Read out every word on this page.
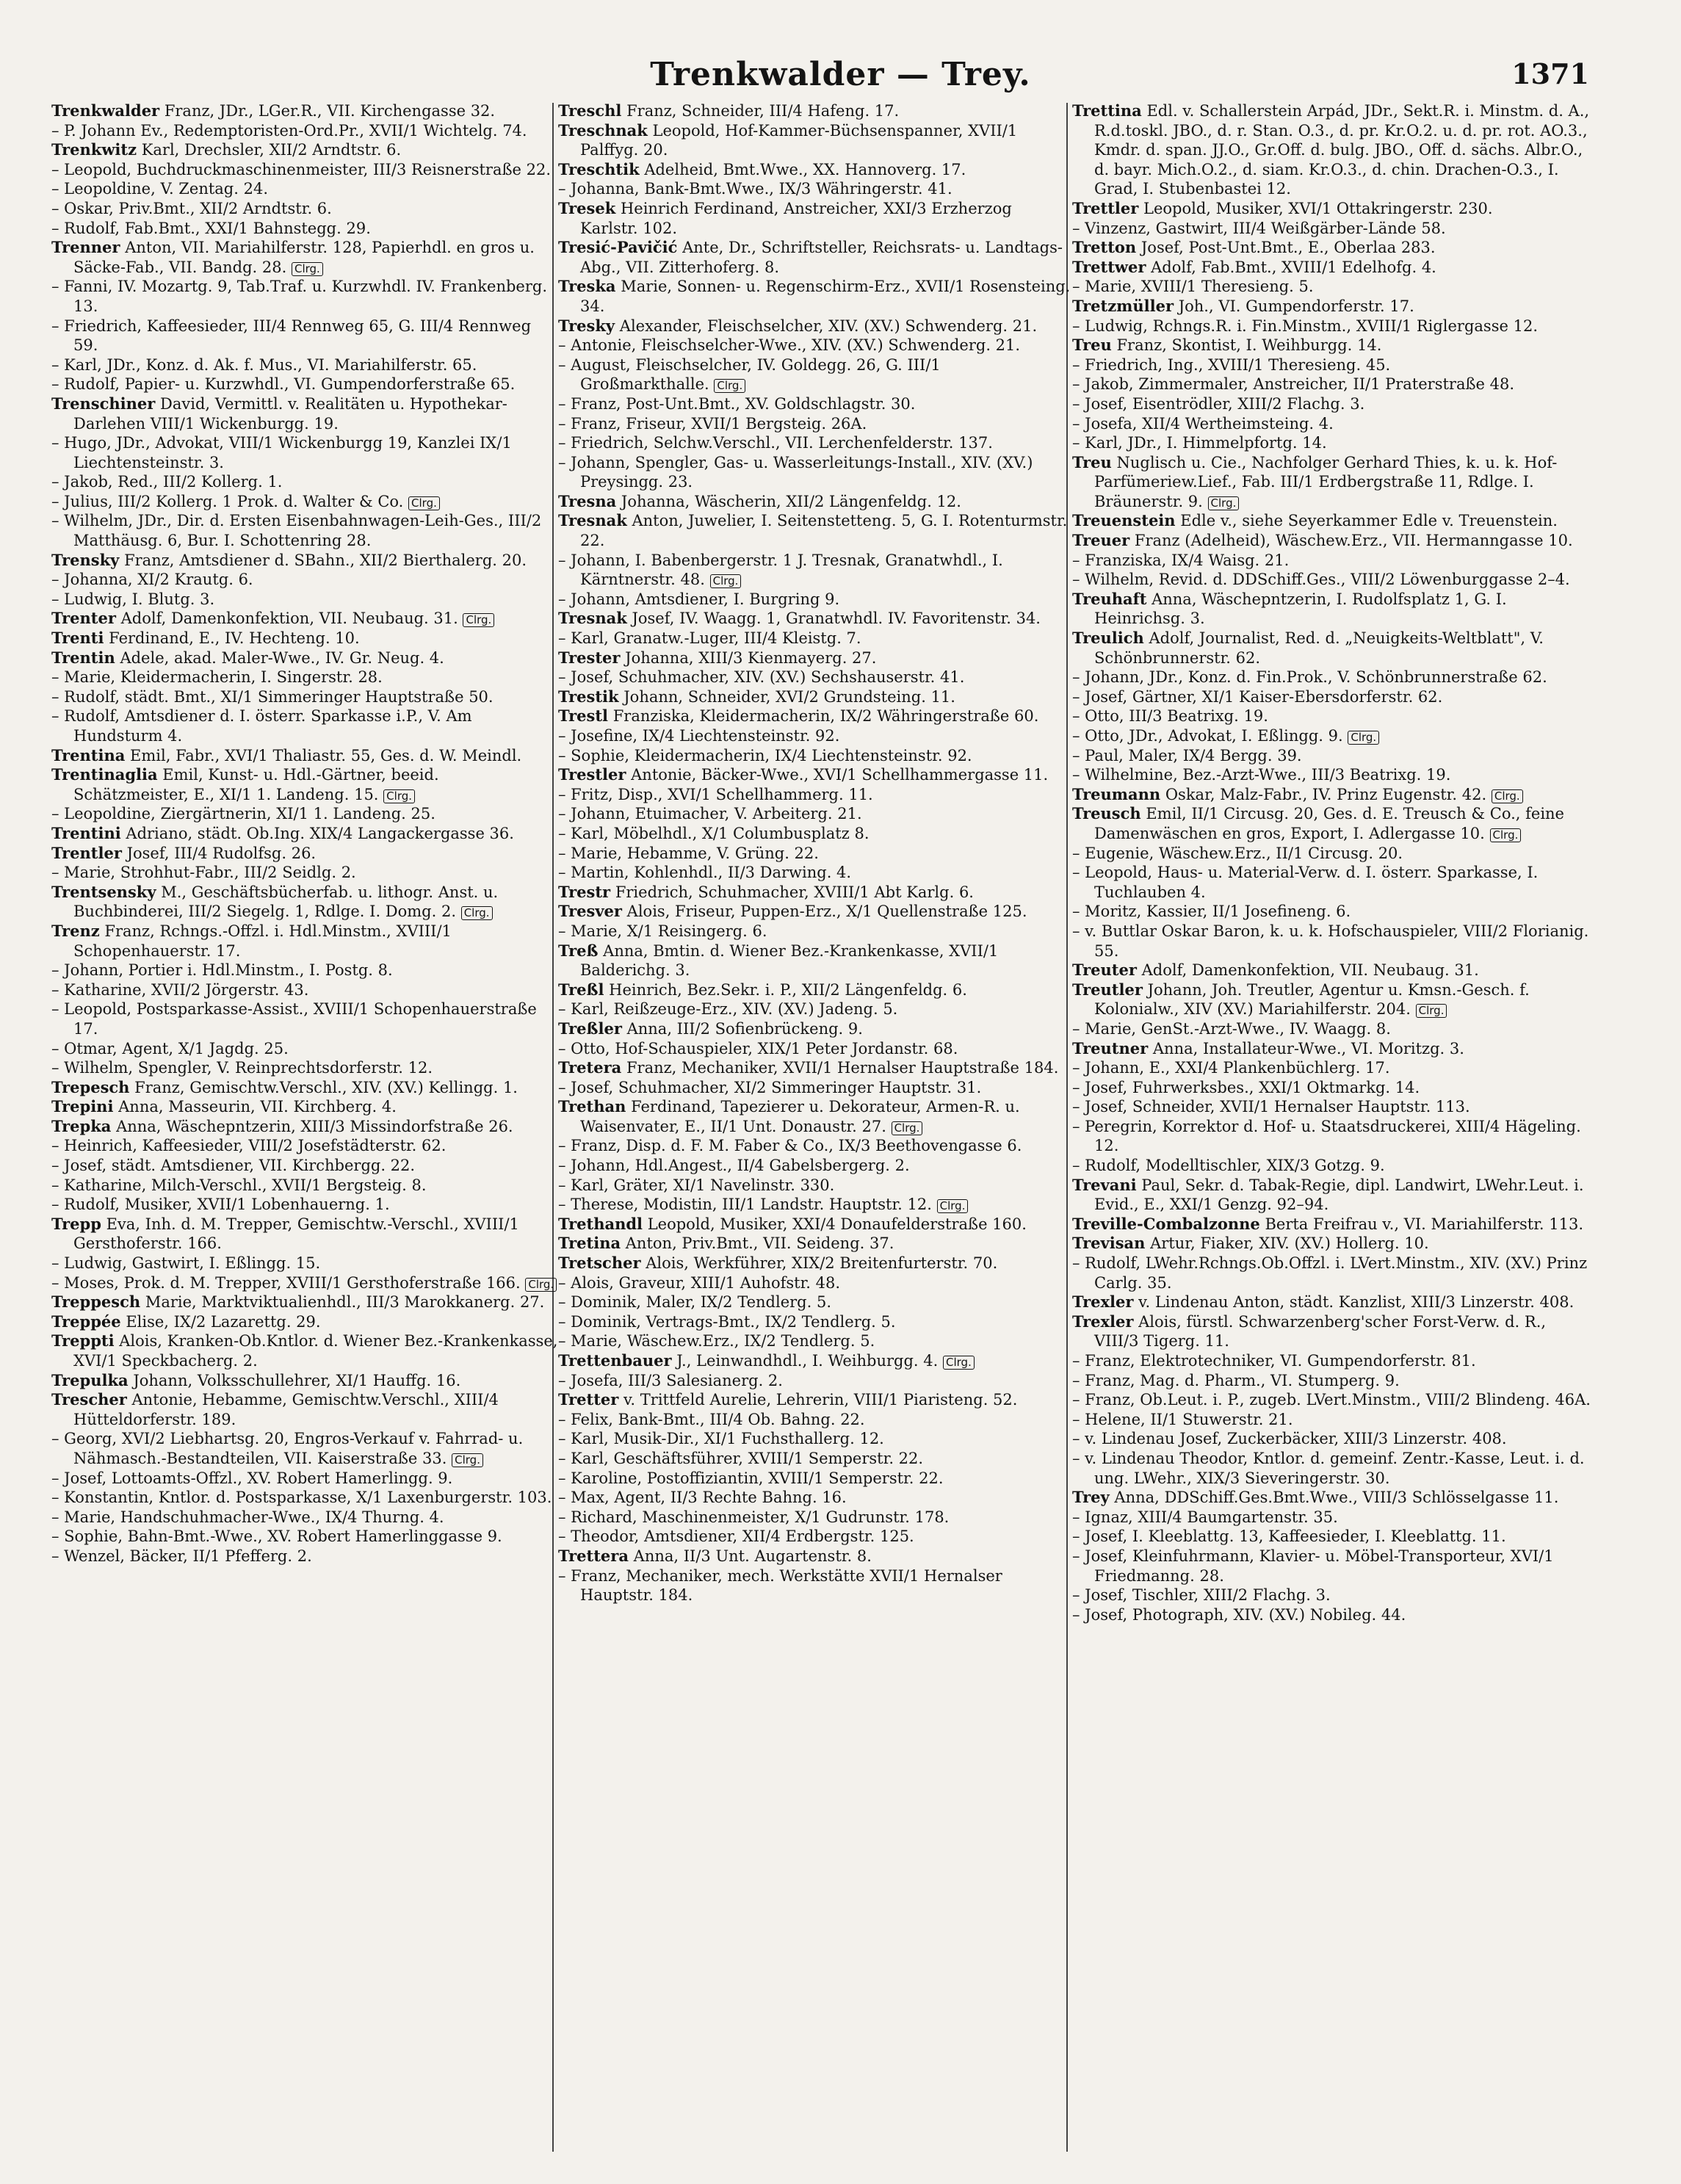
Trenkwalder — Trey.	1371

Trenkwalder Franz, JDr., LGer.R., VII. Kirchengasse 32.

– P. Johann Ev., Redemptoristen-Ord.Pr., XVII/1 Wichtelg. 74.

Trenkwitz Karl, Drechsler, XII/2 Arndtstr. 6.

– Leopold, Buchdruckmaschinenmeister, III/3 Reisnerstraße 22.

– Leopoldine, V. Zentag. 24.

– Oskar, Priv.Bmt., XII/2 Arndtstr. 6.

– Rudolf, Fab.Bmt., XXI/1 Bahnstegg. 29.

Trenner Anton, VII. Mariahilferstr. 128, Papierhdl. en gros u. Säcke-Fab., VII. Bandg. 28. Clrg.

– Fanni, IV. Mozartg. 9, Tab.Traf. u. Kurzwhdl. IV. Frankenberg. 13.

– Friedrich, Kaffeesieder, III/4 Rennweg 65, G. III/4 Rennweg 59.

– Karl, JDr., Konz. d. Ak. f. Mus., VI. Mariahilferstr. 65.

– Rudolf, Papier- u. Kurzwhdl., VI. Gumpendorferstraße 65.

Trenschiner David, Vermittl. v. Realitäten u. Hypothekar-Darlehen VIII/1 Wickenburgg. 19.

– Hugo, JDr., Advokat, VIII/1 Wickenburgg 19, Kanzlei IX/1 Liechtensteinstr. 3.

– Jakob, Red., III/2 Kollerg. 1.

– Julius, III/2 Kollerg. 1 Prok. d. Walter & Co. Clrg.

– Wilhelm, JDr., Dir. d. Ersten Eisenbahnwagen-Leih-Ges., III/2 Matthäusg. 6, Bur. I. Schottenring 28.

Trensky Franz, Amtsdiener d. SBahn., XII/2 Bierthalerg. 20.

– Johanna, XI/2 Krautg. 6.

– Ludwig, I. Blutg. 3.

Trenter Adolf, Damenkonfektion, VII. Neubaug. 31. Clrg.

Trenti Ferdinand, E., IV. Hechteng. 10.

Trentin Adele, akad. Maler-Wwe., IV. Gr. Neug. 4.

– Marie, Kleidermacherin, I. Singerstr. 28.

– Rudolf, städt. Bmt., XI/1 Simmeringer Hauptstraße 50.

– Rudolf, Amtsdiener d. I. österr. Sparkasse i.P., V. Am Hundsturm 4.

Trentina Emil, Fabr., XVI/1 Thaliastr. 55, Ges. d. W. Meindl.

Trentinaglia Emil, Kunst- u. Hdl.-Gärtner, beeid. Schätzmeister, E., XI/1 1. Landeng. 15. Clrg.

– Leopoldine, Ziergärtnerin, XI/1 1. Landeng. 25.

Trentini Adriano, städt. Ob.Ing. XIX/4 Langackergasse 36.

Trentler Josef, III/4 Rudolfsg. 26.

– Marie, Strohhut-Fabr., III/2 Seidlg. 2.

Trentsensky M., Geschäftsbücherfab. u. lithogr. Anst. u. Buchbinderei, III/2 Siegelg. 1, Rdlge. I. Domg. 2. Clrg.

Trenz Franz, Rchngs.-Offzl. i. Hdl.Minstm., XVIII/1 Schopenhauerstr. 17.

– Johann, Portier i. Hdl.Minstm., I. Postg. 8.

– Katharine, XVII/2 Jörgerstr. 43.

– Leopold, Postsparkasse-Assist., XVIII/1 Schopenhauerstraße 17.

– Otmar, Agent, X/1 Jagdg. 25.

– Wilhelm, Spengler, V. Reinprechtsdorferstr. 12.

Trepesch Franz, Gemischtw.Verschl., XIV. (XV.) Kellingg. 1.

Trepini Anna, Masseurin, VII. Kirchberg. 4.

Trepka Anna, Wäschepntzerin, XIII/3 Missindorfstraße 26.

– Heinrich, Kaffeesieder, VIII/2 Josefstädterstr. 62.

– Josef, städt. Amtsdiener, VII. Kirchbergg. 22.

– Katharine, Milch-Verschl., XVII/1 Bergsteig. 8.

– Rudolf, Musiker, XVII/1 Lobenhauerng. 1.

Trepp Eva, Inh. d. M. Trepper, Gemischtw.-Verschl., XVIII/1 Gersthoferstr. 166.

– Ludwig, Gastwirt, I. Eßlingg. 15.

– Moses, Prok. d. M. Trepper, XVIII/1 Gersthoferstraße 166. Clrg.

Treppesch Marie, Marktviktualienhdl., III/3 Marokkanerg. 27.

Treppée Elise, IX/2 Lazarettg. 29.

Treppti Alois, Kranken-Ob.Kntlor. d. Wiener Bez.-Krankenkasse, XVI/1 Speckbacherg. 2.

Trepulka Johann, Volksschullehrer, XI/1 Hauffg. 16.

Trescher Antonie, Hebamme, Gemischtw.Verschl., XIII/4 Hütteldorferstr. 189.

– Georg, XVI/2 Liebhartsg. 20, Engros-Verkauf v. Fahrrad- u. Nähmasch.-Bestandteilen, VII. Kaiserstraße 33. Clrg.

– Josef, Lottoamts-Offzl., XV. Robert Hamerlingg. 9.

– Konstantin, Kntlor. d. Postsparkasse, X/1 Laxenburgerstr. 103.

– Marie, Handschuhmacher-Wwe., IX/4 Thurng. 4.

– Sophie, Bahn-Bmt.-Wwe., XV. Robert Hamerlinggasse 9.

– Wenzel, Bäcker, II/1 Pfefferg. 2.

Treschl Franz, Schneider, III/4 Hafeng. 17.

Treschnak Leopold, Hof-Kammer-Büchsenspanner, XVII/1 Palffyg. 20.

Treschtik Adelheid, Bmt.Wwe., XX. Hannoverg. 17.

– Johanna, Bank-Bmt.Wwe., IX/3 Währingerstr. 41.

Tresek Heinrich Ferdinand, Anstreicher, XXI/3 Erzherzog Karlstr. 102.

Tresić-Pavičić Ante, Dr., Schriftsteller, Reichsrats- u. Landtags-Abg., VII. Zitterhoferg. 8.

Treska Marie, Sonnen- u. Regenschirm-Erz., XVII/1 Rosensteing. 34.

Tresky Alexander, Fleischselcher, XIV. (XV.) Schwenderg. 21.

– Antonie, Fleischselcher-Wwe., XIV. (XV.) Schwenderg. 21.

– August, Fleischselcher, IV. Goldegg. 26, G. III/1 Großmarkthalle. Clrg.

– Franz, Post-Unt.Bmt., XV. Goldschlagstr. 30.

– Franz, Friseur, XVII/1 Bergsteig. 26A.

– Friedrich, Selchw.Verschl., VII. Lerchenfelderstr. 137.

– Johann, Spengler, Gas- u. Wasserleitungs-Install., XIV. (XV.) Preysingg. 23.

Tresna Johanna, Wäscherin, XII/2 Längenfeldg. 12.

Tresnak Anton, Juwelier, I. Seitenstetteng. 5, G. I. Rotenturmstr. 22.

– Johann, I. Babenbergerstr. 1 J. Tresnak, Granatwhdl., I. Kärntnerstr. 48. Clrg.

– Johann, Amtsdiener, I. Burgring 9.

Tresnak Josef, IV. Waagg. 1, Granatwhdl. IV. Favoritenstr. 34.

– Karl, Granatw.-Luger, III/4 Kleistg. 7.

Trester Johanna, XIII/3 Kienmayerg. 27.

– Josef, Schuhmacher, XIV. (XV.) Sechshauserstr. 41.

Trestik Johann, Schneider, XVI/2 Grundsteing. 11.

Trestl Franziska, Kleidermacherin, IX/2 Währingerstraße 60.

– Josefine, IX/4 Liechtensteinstr. 92.

– Sophie, Kleidermacherin, IX/4 Liechtensteinstr. 92.

Trestler Antonie, Bäcker-Wwe., XVI/1 Schellhammergasse 11.

– Fritz, Disp., XVI/1 Schellhammerg. 11.

– Johann, Etuimacher, V. Arbeiterg. 21.

– Karl, Möbelhdl., X/1 Columbusplatz 8.

– Marie, Hebamme, V. Grüng. 22.

– Martin, Kohlenhdl., II/3 Darwing. 4.

Trestr Friedrich, Schuhmacher, XVIII/1 Abt Karlg. 6.

Tresver Alois, Friseur, Puppen-Erz., X/1 Quellenstraße 125.

– Marie, X/1 Reisingerg. 6.

Treß Anna, Bmtin. d. Wiener Bez.-Krankenkasse, XVII/1 Balderichg. 3.

Treßl Heinrich, Bez.Sekr. i. P., XII/2 Längenfeldg. 6.

– Karl, Reißzeuge-Erz., XIV. (XV.) Jadeng. 5.

Treßler Anna, III/2 Sofienbrückeng. 9.

– Otto, Hof-Schauspieler, XIX/1 Peter Jordanstr. 68.

Tretera Franz, Mechaniker, XVII/1 Hernalser Hauptstraße 184.

– Josef, Schuhmacher, XI/2 Simmeringer Hauptstr. 31.

Trethan Ferdinand, Tapezierer u. Dekorateur, Armen-R. u. Waisenvater, E., II/1 Unt. Donaustr. 27. Clrg.

– Franz, Disp. d. F. M. Faber & Co., IX/3 Beethovengasse 6.

– Johann, Hdl.Angest., II/4 Gabelsbergerg. 2.

– Karl, Gräter, XI/1 Navelinstr. 330.

– Therese, Modistin, III/1 Landstr. Hauptstr. 12. Clrg.

Trethandl Leopold, Musiker, XXI/4 Donaufelderstraße 160.

Tretina Anton, Priv.Bmt., VII. Seideng. 37.

Tretscher Alois, Werkführer, XIX/2 Breitenfurterstr. 70.

– Alois, Graveur, XIII/1 Auhofstr. 48.

– Dominik, Maler, IX/2 Tendlerg. 5.

– Dominik, Vertrags-Bmt., IX/2 Tendlerg. 5.

– Marie, Wäschew.Erz., IX/2 Tendlerg. 5.

Trettenbauer J., Leinwandhdl., I. Weihburgg. 4. Clrg.

– Josefa, III/3 Salesianerg. 2.

Tretter v. Trittfeld Aurelie, Lehrerin, VIII/1 Piaristeng. 52.

– Felix, Bank-Bmt., III/4 Ob. Bahng. 22.

– Karl, Musik-Dir., XI/1 Fuchsthallerg. 12.

– Karl, Geschäftsführer, XVIII/1 Semperstr. 22.

– Karoline, Postoffiziantin, XVIII/1 Semperstr. 22.

– Max, Agent, II/3 Rechte Bahng. 16.

– Richard, Maschinenmeister, X/1 Gudrunstr. 178.

– Theodor, Amtsdiener, XII/4 Erdbergstr. 125.

Trettera Anna, II/3 Unt. Augartenstr. 8.

– Franz, Mechaniker, mech. Werkstätte XVII/1 Hernalser Hauptstr. 184.

Trettina Edl. v. Schallerstein Arpád, JDr., Sekt.R. i. Minstm. d. A., R.d.toskl. JBO., d. r. Stan. O.3., d. pr. Kr.O.2. u. d. pr. rot. AO.3., Kmdr. d. span. JJ.O., Gr.Off. d. bulg. JBO., Off. d. sächs. Albr.O., d. bayr. Mich.O.2., d. siam. Kr.O.3., d. chin. Drachen-O.3., I. Grad, I. Stubenbastei 12.

Trettler Leopold, Musiker, XVI/1 Ottakringerstr. 230.

– Vinzenz, Gastwirt, III/4 Weißgärber-Lände 58.

Tretton Josef, Post-Unt.Bmt., E., Oberlaa 283.

Trettwer Adolf, Fab.Bmt., XVIII/1 Edelhofg. 4.

– Marie, XVIII/1 Theresieng. 5.

Tretzmüller Joh., VI. Gumpendorferstr. 17.

– Ludwig, Rchngs.R. i. Fin.Minstm., XVIII/1 Riglergasse 12.

Treu Franz, Skontist, I. Weihburgg. 14.

– Friedrich, Ing., XVIII/1 Theresieng. 45.

– Jakob, Zimmermaler, Anstreicher, II/1 Praterstraße 48.

– Josef, Eisentrödler, XIII/2 Flachg. 3.

– Josefa, XII/4 Wertheimsteing. 4.

– Karl, JDr., I. Himmelpfortg. 14.

Treu Nuglisch u. Cie., Nachfolger Gerhard Thies, k. u. k. Hof-Parfümeriew.Lief., Fab. III/1 Erdbergstraße 11, Rdlge. I. Bräunerstr. 9. Clrg.

Treuenstein Edle v., siehe Seyerkammer Edle v. Treuenstein.

Treuer Franz (Adelheid), Wäschew.Erz., VII. Hermanngasse 10.

– Franziska, IX/4 Waisg. 21.

– Wilhelm, Revid. d. DDSchiff.Ges., VIII/2 Löwenburggasse 2–4.

Treuhaft Anna, Wäschepntzerin, I. Rudolfsplatz 1, G. I. Heinrichsg. 3.

Treulich Adolf, Journalist, Red. d. „Neuigkeits-Weltblatt", V. Schönbrunnerstr. 62.

– Johann, JDr., Konz. d. Fin.Prok., V. Schönbrunnerstraße 62.

– Josef, Gärtner, XI/1 Kaiser-Ebersdorferstr. 62.

– Otto, III/3 Beatrixg. 19.

– Otto, JDr., Advokat, I. Eßlingg. 9. Clrg.

– Paul, Maler, IX/4 Bergg. 39.

– Wilhelmine, Bez.-Arzt-Wwe., III/3 Beatrixg. 19.

Treumann Oskar, Malz-Fabr., IV. Prinz Eugenstr. 42. Clrg.

Treusch Emil, II/1 Circusg. 20, Ges. d. E. Treusch & Co., feine Damenwäschen en gros, Export, I. Adlergasse 10. Clrg.

– Eugenie, Wäschew.Erz., II/1 Circusg. 20.

– Leopold, Haus- u. Material-Verw. d. I. österr. Sparkasse, I. Tuchlauben 4.

– Moritz, Kassier, II/1 Josefineng. 6.

– v. Buttlar Oskar Baron, k. u. k. Hofschauspieler, VIII/2 Florianig. 55.

Treuter Adolf, Damenkonfektion, VII. Neubaug. 31.

Treutler Johann, Joh. Treutler, Agentur u. Kmsn.-Gesch. f. Kolonialw., XIV (XV.) Mariahilferstr. 204. Clrg.

– Marie, GenSt.-Arzt-Wwe., IV. Waagg. 8.

Treutner Anna, Installateur-Wwe., VI. Moritzg. 3.

– Johann, E., XXI/4 Plankenbüchlerg. 17.

– Josef, Fuhrwerksbes., XXI/1 Oktmarkg. 14.

– Josef, Schneider, XVII/1 Hernalser Hauptstr. 113.

– Peregrin, Korrektor d. Hof- u. Staatsdruckerei, XIII/4 Hägeling. 12.

– Rudolf, Modelltischler, XIX/3 Gotzg. 9.

Trevani Paul, Sekr. d. Tabak-Regie, dipl. Landwirt, LWehr.Leut. i. Evid., E., XXI/1 Genzg. 92–94.

Treville-Combalzonne Berta Freifrau v., VI. Mariahilferstr. 113.

Trevisan Artur, Fiaker, XIV. (XV.) Hollerg. 10.

– Rudolf, LWehr.Rchngs.Ob.Offzl. i. LVert.Minstm., XIV. (XV.) Prinz Carlg. 35.

Trexler v. Lindenau Anton, städt. Kanzlist, XIII/3 Linzerstr. 408.

Trexler Alois, fürstl. Schwarzenberg'scher Forst-Verw. d. R., VIII/3 Tigerg. 11.

– Franz, Elektrotechniker, VI. Gumpendorferstr. 81.

– Franz, Mag. d. Pharm., VI. Stumperg. 9.

– Franz, Ob.Leut. i. P., zugeb. LVert.Minstm., VIII/2 Blindeng. 46A.

– Helene, II/1 Stuwerstr. 21.

– v. Lindenau Josef, Zuckerbäcker, XIII/3 Linzerstr. 408.

– v. Lindenau Theodor, Kntlor. d. gemeinf. Zentr.-Kasse, Leut. i. d. ung. LWehr., XIX/3 Sieveringerstr. 30.

Trey Anna, DDSchiff.Ges.Bmt.Wwe., VIII/3 Schlösselgasse 11.

– Ignaz, XIII/4 Baumgartenstr. 35.

– Josef, I. Kleeblattg. 13, Kaffeesieder, I. Kleeblattg. 11.

– Josef, Kleinfuhrmann, Klavier- u. Möbel-Transporteur, XVI/1 Friedmanng. 28.

– Josef, Tischler, XIII/2 Flachg. 3.

– Josef, Photograph, XIV. (XV.) Nobileg. 44.
